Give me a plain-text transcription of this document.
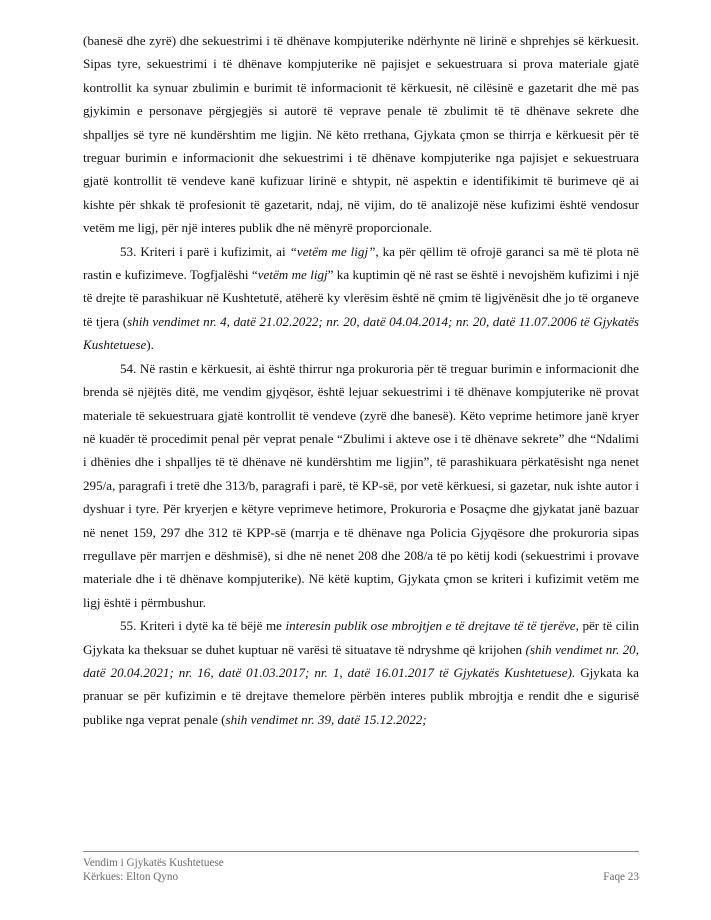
(banesë dhe zyrë) dhe sekuestrimi i të dhënave kompjuterike ndërhynte në lirinë e shprehjes së kërkuesit. Sipas tyre, sekuestrimi i të dhënave kompjuterike në pajisjet e sekuestruara si prova materiale gjatë kontrollit ka synuar zbulimin e burimit të informacionit të kërkuesit, në cilësinë e gazetarit dhe më pas gjykimin e personave përgjegjës si autorë të veprave penale të zbulimit të të dhënave sekrete dhe shpalljes së tyre në kundërshtim me ligjin. Në këto rrethana, Gjykata çmon se thirrja e kërkuesit për të treguar burimin e informacionit dhe sekuestrimi i të dhënave kompjuterike nga pajisjet e sekuestruara gjatë kontrollit të vendeve kanë kufizuar lirinë e shtypit, në aspektin e identifikimit të burimeve që ai kishte për shkak të profesionit të gazetarit, ndaj, në vijim, do të analizojë nëse kufizimi është vendosur vetëm me ligj, për një interes publik dhe në mënyrë proporcionale.

53. Kriteri i parë i kufizimit, ai “vetëm me ligj”, ka për qëllim të ofrojë garanci sa më të plota në rastin e kufizimeve. Togfjalëshi “vetëm me ligj” ka kuptimin që në rast se është i nevojshëm kufizimi i një të drejte të parashikuar në Kushtetutë, atëherë ky vlerësim është në çmim të ligjvënësit dhe jo të organeve të tjera (shih vendimet nr. 4, datë 21.02.2022; nr. 20, datë 04.04.2014; nr. 20, datë 11.07.2006 të Gjykatës Kushtetuese).

54. Në rastin e kërkuesit, ai është thirrur nga prokuroria për të treguar burimin e informacionit dhe brenda së njëjtës ditë, me vendim gjyqësor, është lejuar sekuestrimi i të dhënave kompjuterike në provat materiale të sekuestruara gjatë kontrollit të vendeve (zyrë dhe banesë). Këto veprime hetimore janë kryer në kuadër të procedimit penal për veprat penale “Zbulimi i akteve ose i të dhënave sekrete” dhe “Ndalimi i dhënies dhe i shpalljes të të dhënave në kundërshtim me ligjin”, të parashikuara përkatësisht nga nenet 295/a, paragrafi i tretë dhe 313/b, paragrafi i parë, të KP-së, por vetë kërkuesi, si gazetar, nuk ishte autor i dyshuar i tyre. Për kryerjen e këtyre veprimeve hetimore, Prokuroria e Posaçme dhe gjykatat janë bazuar në nenet 159, 297 dhe 312 të KPP-së (marrja e të dhënave nga Policia Gjyqësore dhe prokuroria sipas rregullave për marrjen e dëshmisë), si dhe në nenet 208 dhe 208/a të po këtij kodi (sekuestrimi i provave materiale dhe i të dhënave kompjuterike). Në këtë kuptim, Gjykata çmon se kriteri i kufizimit vetëm me ligj është i përmbushur.

55. Kriteri i dytë ka të bëjë me interesin publik ose mbrojtjen e të drejtave të të tjerëve, për të cilin Gjykata ka theksuar se duhet kuptuar në varësi të situatave të ndryshme që krijohen (shih vendimet nr. 20, datë 20.04.2021; nr. 16, datë 01.03.2017; nr. 1, datë 16.01.2017 të Gjykatës Kushtetuese). Gjykata ka pranuar se për kufizimin e të drejtave themelore përbën interes publik mbrojtja e rendit dhe e sigurisë publike nga veprat penale (shih vendimet nr. 39, datë 15.12.2022;

Vendim i Gjykatës Kushtetuese
Kërkues: Elton Qyno	Faqe 23
